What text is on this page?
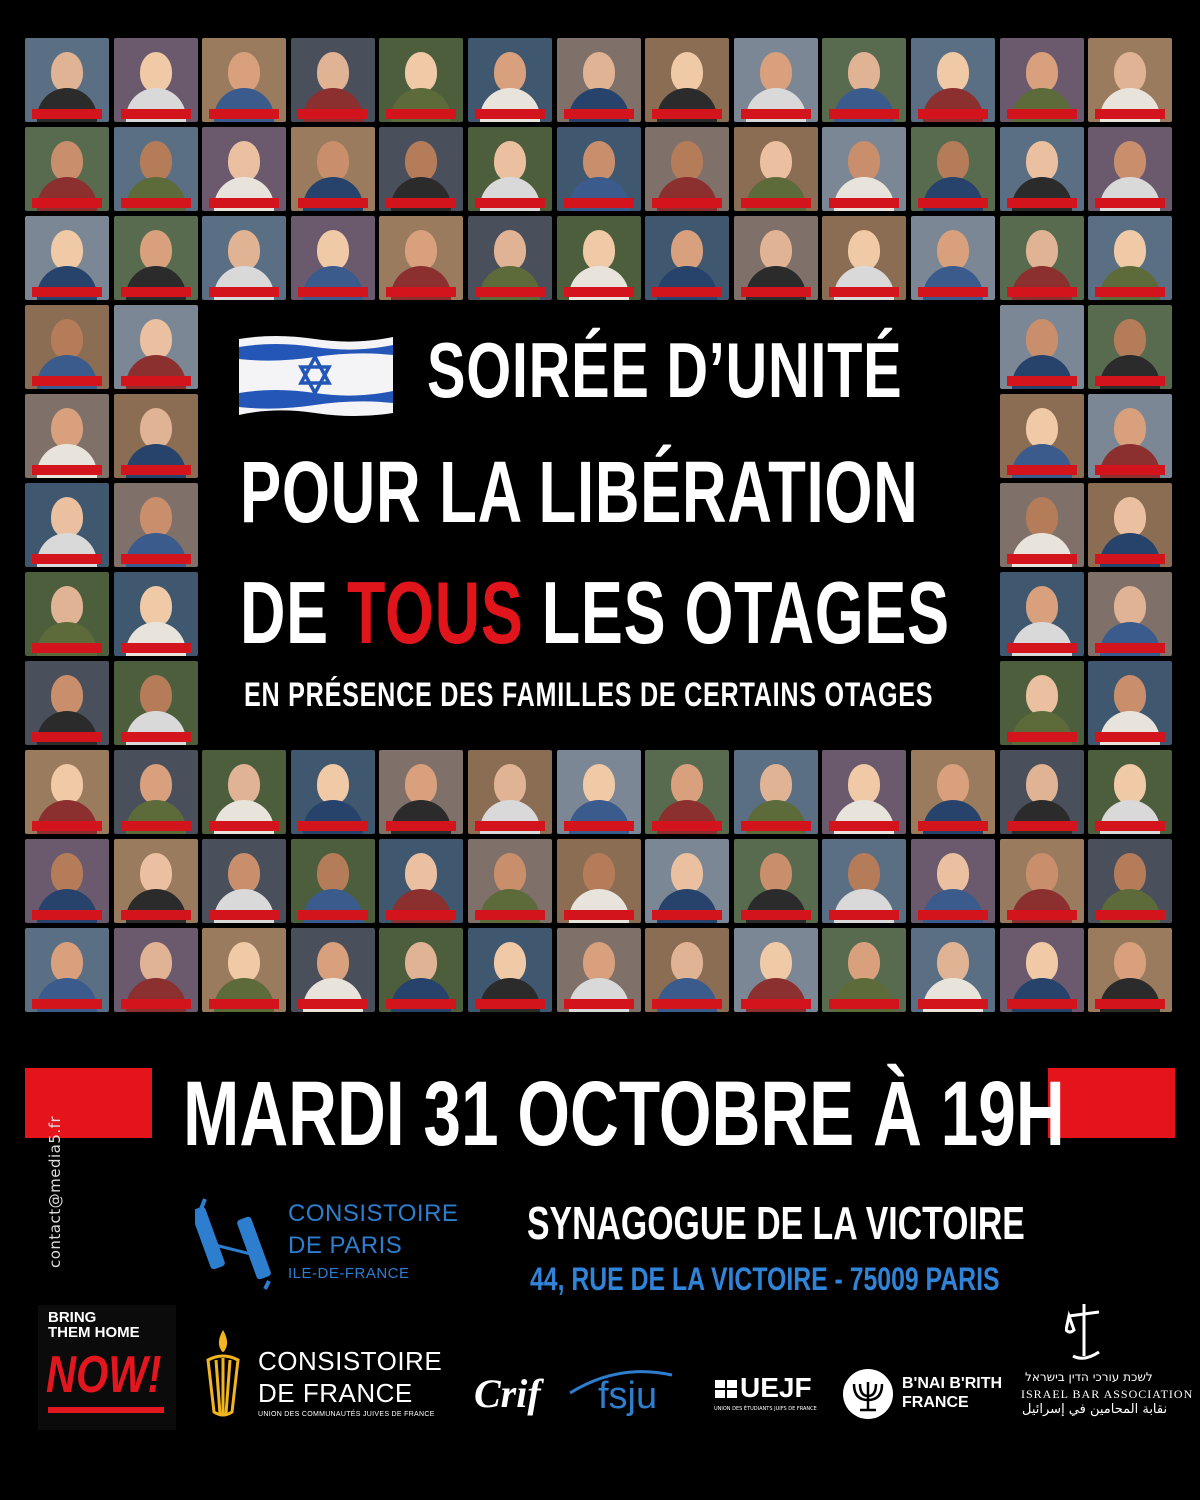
SOIRÉE D’UNITÉ
POUR LA LIBÉRATION
DE TOUS LES OTAGES
EN PRÉSENCE DES FAMILLES DE CERTAINS OTAGES
MARDI 31 OCTOBRE À 19H
contact@media5.fr	CONSISTOIRE
DE PARIS
ILE-DE-FRANCE
SYNAGOGUE DE LA VICTOIRE
44, RUE DE LA VICTOIRE - 75009 PARIS
BRING
THEM HOME
NOW!	CONSISTOIRE
DE FRANCE
UNION DES COMMUNAUTÉS JUIVES DE FRANCE Crif fsju	UEJF
UNION DES ÉTUDIANTS JUIFS DE FRANCE
B'NAI B'RITH
FRANCE
לשכת עורכי הדין בישראל
ISRAEL BAR ASSOCIATION
نقابة المحامين في إسرائيل
